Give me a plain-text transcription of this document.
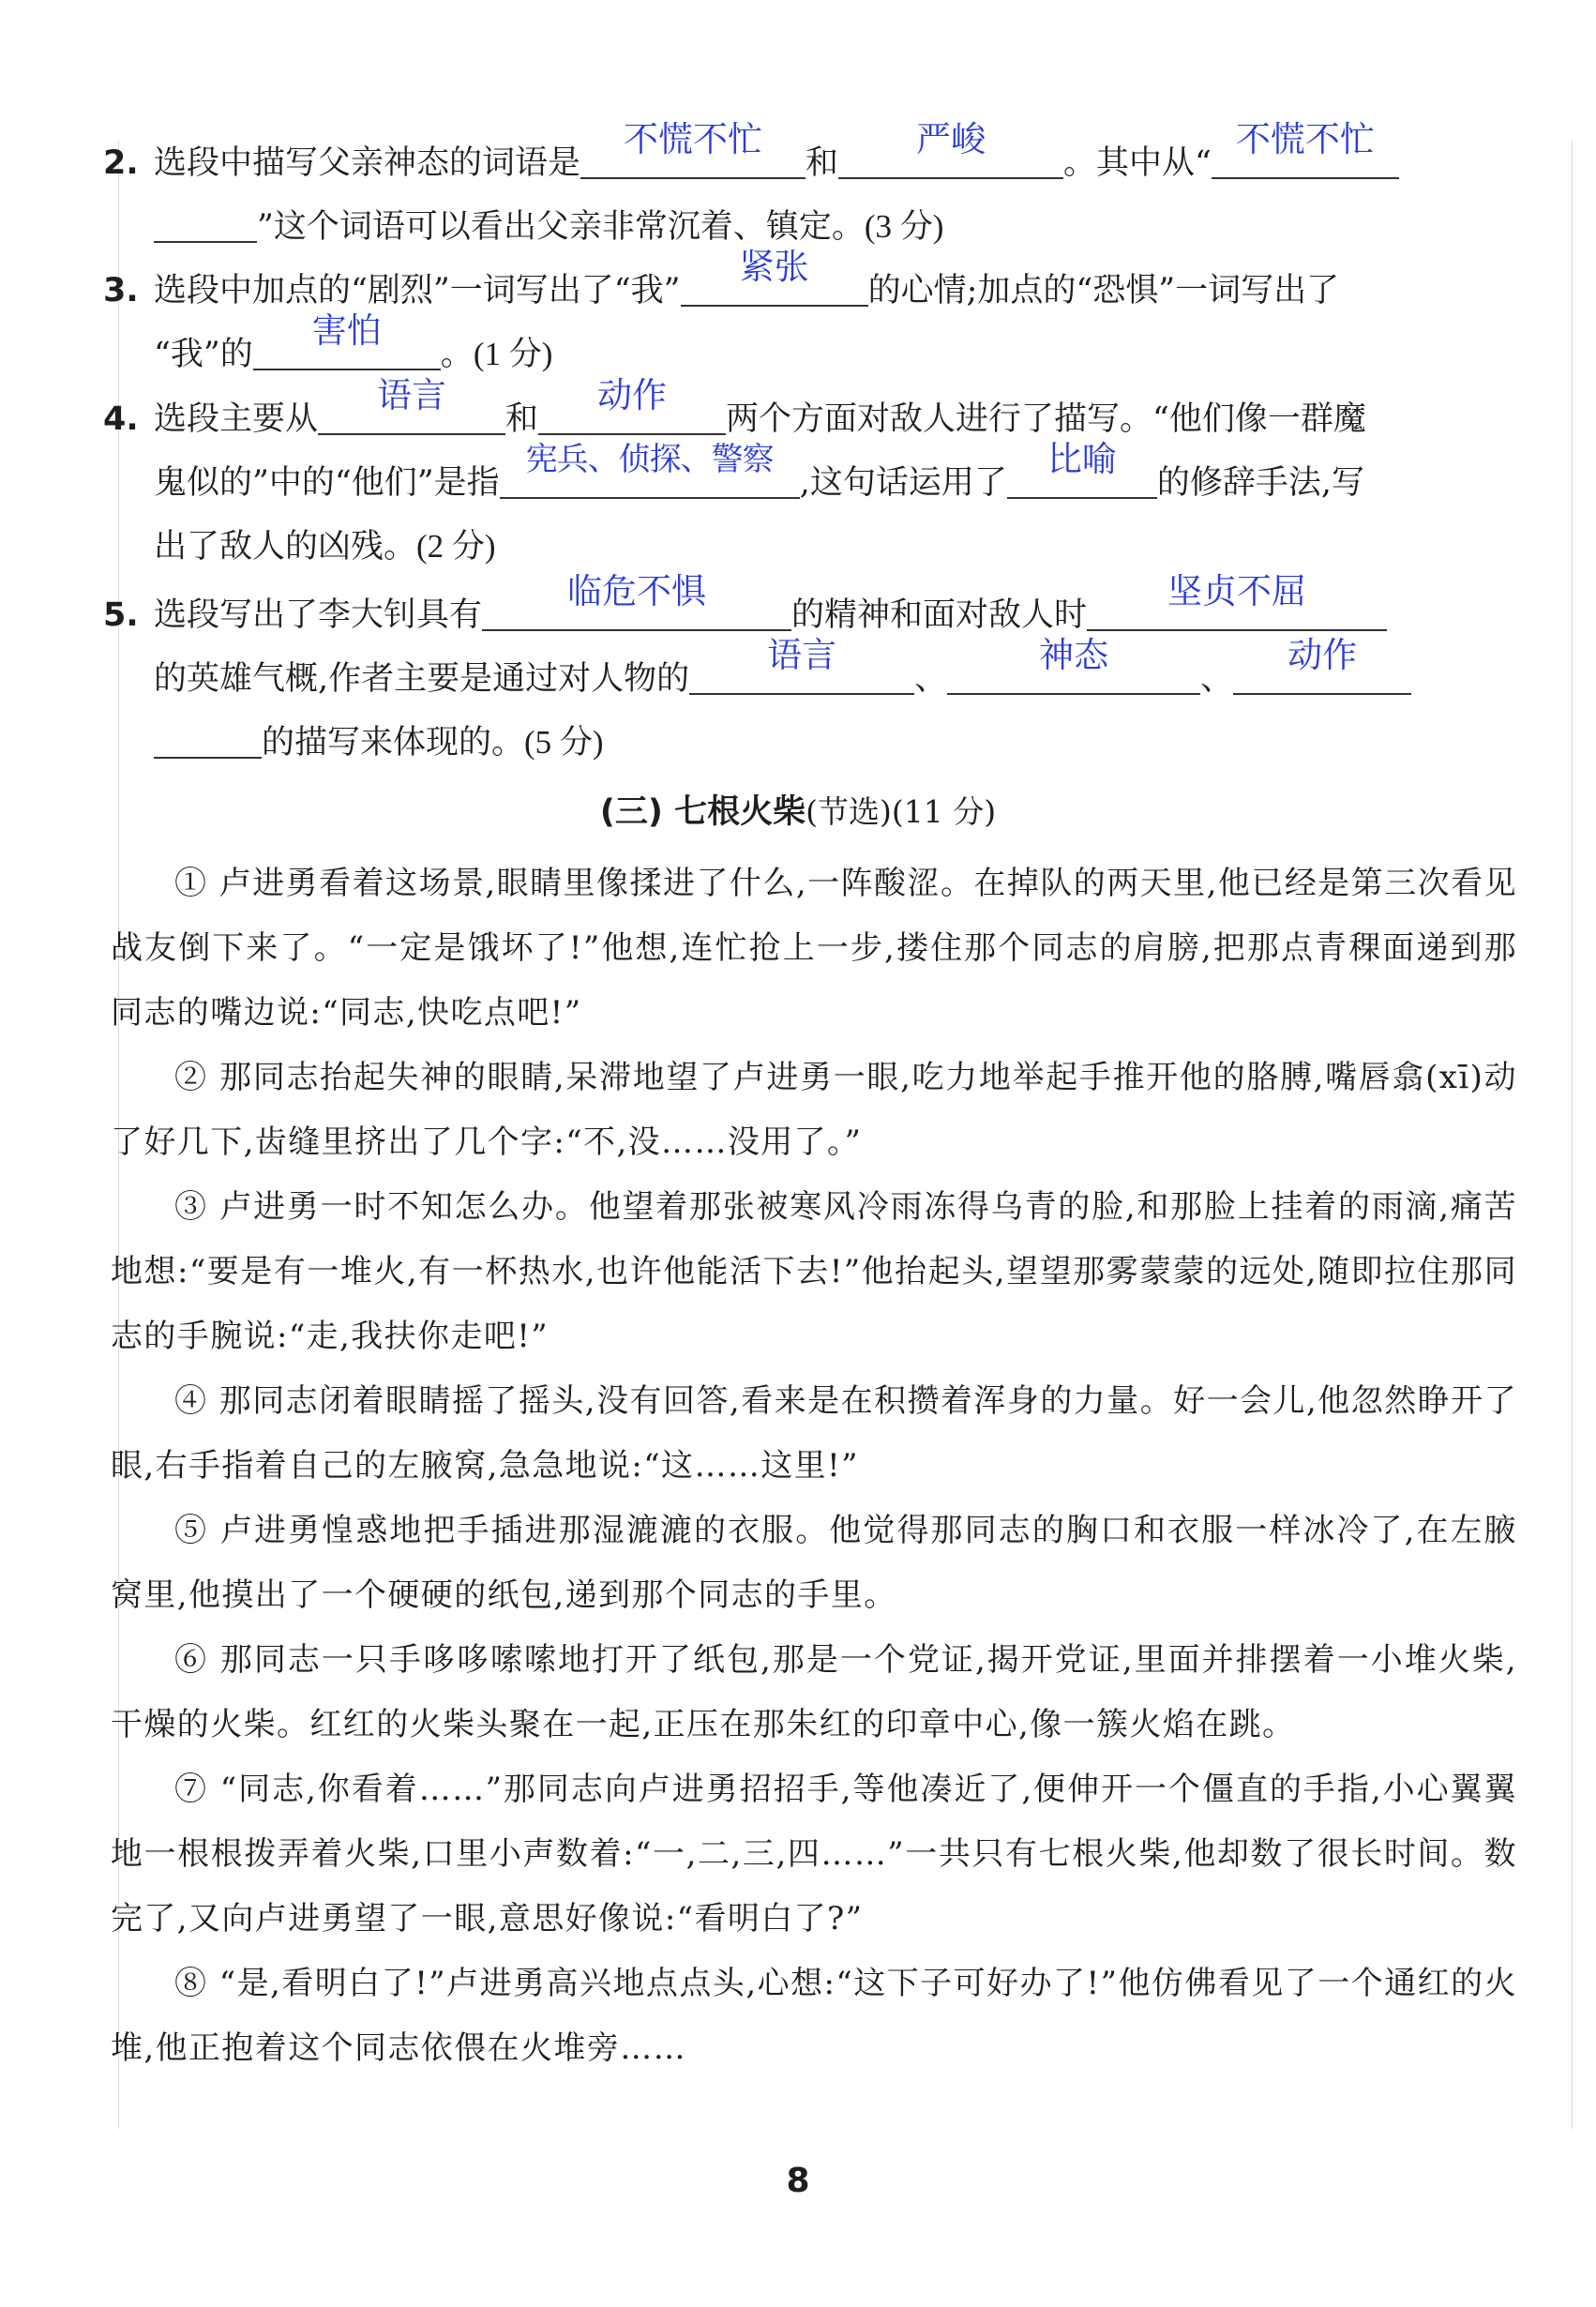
2. 选段中描写父亲神态的词语是
不慌不忙
和
严峻
。其中从“
不慌不忙
”这个词语可以看出父亲非常沉着、镇定。(3 分)
3. 选段中加点的“剧烈”一词写出了“我”
紧张
的心情;加点的“恐惧”一词写出了
“我”的
害怕
。(1 分)
4. 选段主要从
语言
和
动作
两个方面对敌人进行了描写。“他们像一群魔
鬼似的”中的“他们”是指
宪兵、侦探、警察
,这句话运用了
比喻
的修辞手法,写
出了敌人的凶残。(2 分)
5. 选段写出了李大钊具有
临危不惧
的精神和面对敌人时
坚贞不屈
的英雄气概,作者主要是通过对人物的
语言
、
神态
、
动作
的描写来体现的。(5 分)
(三) 七根火柴(节选)(11 分)

① 卢进勇看着这场景,眼睛里像揉进了什么,一阵酸涩。在掉队的两天里,他已经是第三次看见战友倒下来了。“一定是饿坏了!”他想,连忙抢上一步,搂住那个同志的肩膀,把那点青稞面递到那同志的嘴边说:“同志,快吃点吧!”

② 那同志抬起失神的眼睛,呆滞地望了卢进勇一眼,吃力地举起手推开他的胳膊,嘴唇翕(xī)动了好几下,齿缝里挤出了几个字:“不,没……没用了。”

③ 卢进勇一时不知怎么办。他望着那张被寒风冷雨冻得乌青的脸,和那脸上挂着的雨滴,痛苦地想:“要是有一堆火,有一杯热水,也许他能活下去!”他抬起头,望望那雾蒙蒙的远处,随即拉住那同志的手腕说:“走,我扶你走吧!”

④ 那同志闭着眼睛摇了摇头,没有回答,看来是在积攒着浑身的力量。好一会儿,他忽然睁开了眼,右手指着自己的左腋窝,急急地说:“这……这里!”

⑤ 卢进勇惶惑地把手插进那湿漉漉的衣服。他觉得那同志的胸口和衣服一样冰冷了,在左腋窝里,他摸出了一个硬硬的纸包,递到那个同志的手里。

⑥ 那同志一只手哆哆嗦嗦地打开了纸包,那是一个党证,揭开党证,里面并排摆着一小堆火柴,干燥的火柴。红红的火柴头聚在一起,正压在那朱红的印章中心,像一簇火焰在跳。

⑦ “同志,你看着……”那同志向卢进勇招招手,等他凑近了,便伸开一个僵直的手指,小心翼翼地一根根拨弄着火柴,口里小声数着:“一,二,三,四……”一共只有七根火柴,他却数了很长时间。数完了,又向卢进勇望了一眼,意思好像说:“看明白了?”

⑧ “是,看明白了!”卢进勇高兴地点点头,心想:“这下子可好办了!”他仿佛看见了一个通红的火堆,他正抱着这个同志依偎在火堆旁……

8
